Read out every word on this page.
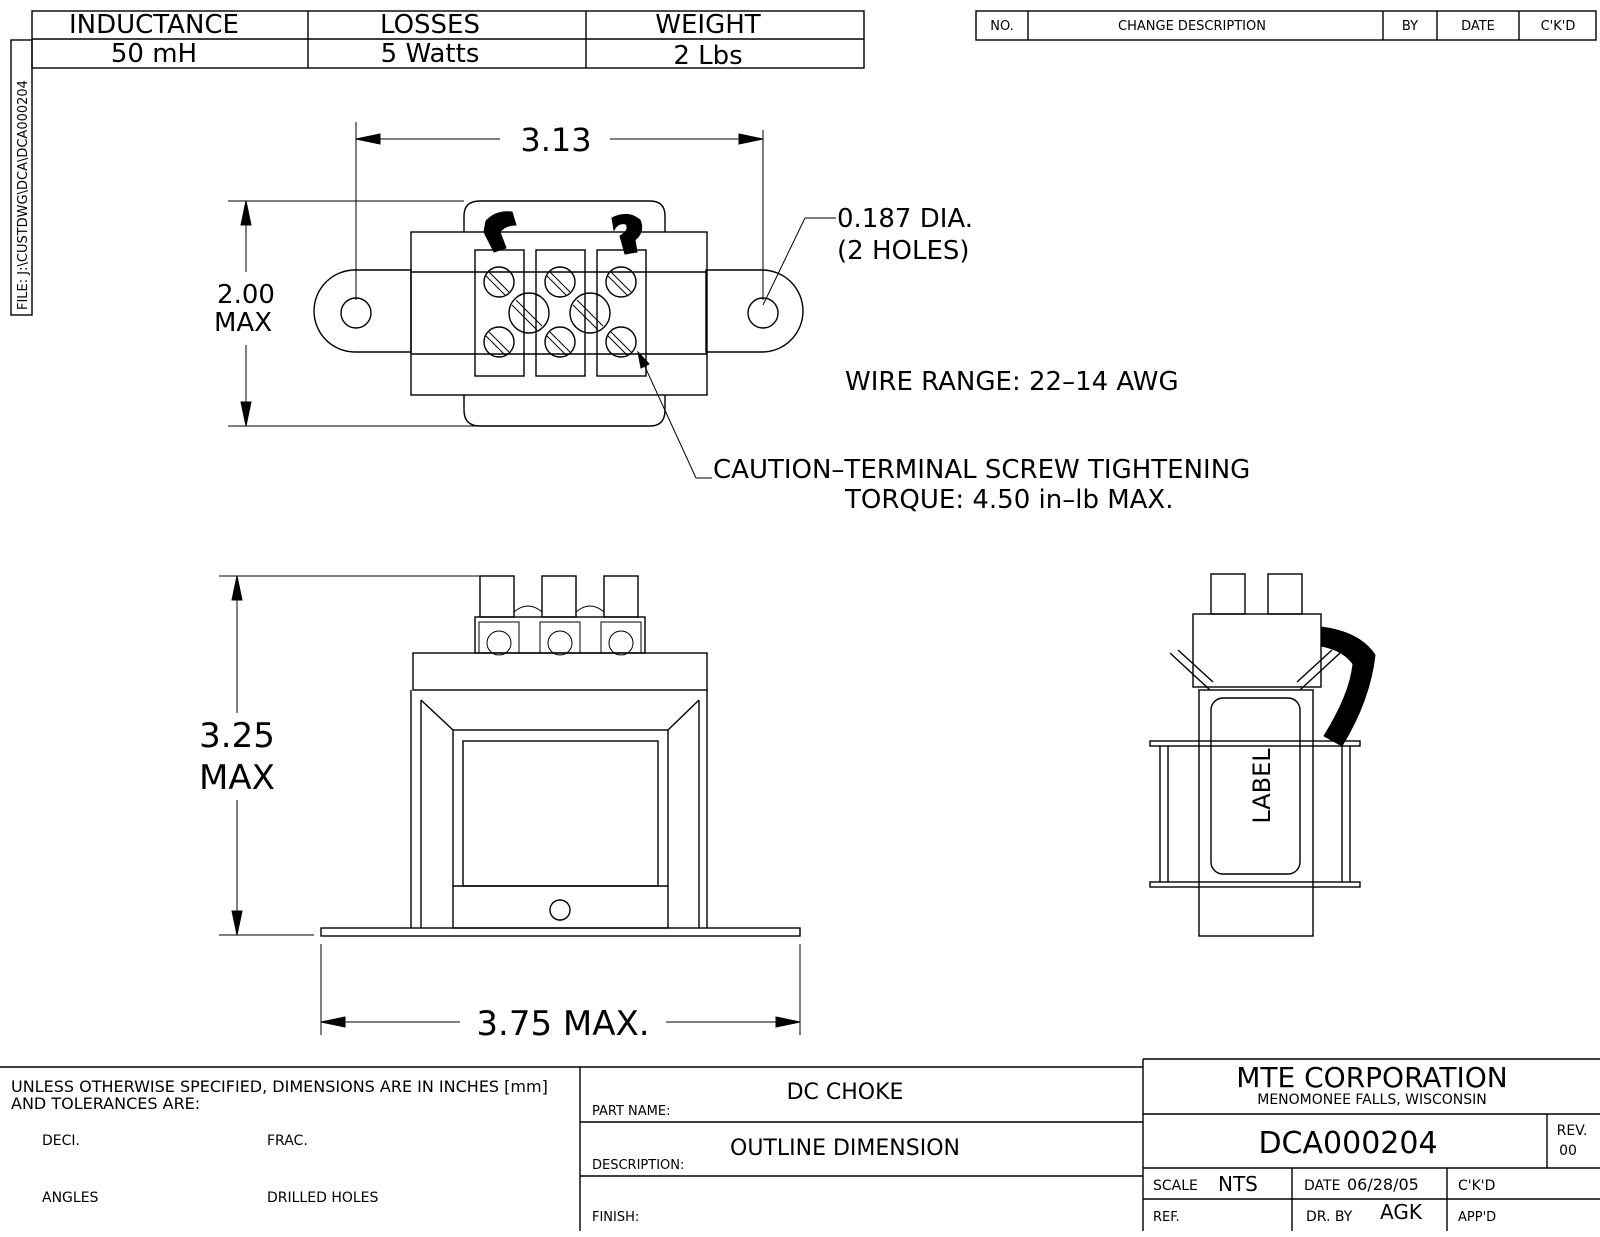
INDUCTANCE	LOSSES	WEIGHT
50 mH	5 Watts	2 Lbs
NO.	CHANGE DESCRIPTION	BY	DATE	C'K'D
FILE: J:\CUSTDWG\DCA\DCA000204	3.13
2.00
MAX
0.187 DIA.
(2 HOLES)
WIRE RANGE: 22–14 AWG
CAUTION–TERMINAL SCREW TIGHTENING
TORQUE: 4.50 in–lb MAX.
3.25
MAX
3.75 MAX.
LABEL
UNLESS OTHERWISE SPECIFIED, DIMENSIONS ARE IN INCHES [mm]
AND TOLERANCES ARE:
DECI.	FRAC.
ANGLES	DRILLED HOLES
PART NAME:
DC CHOKE
DESCRIPTION:
OUTLINE DIMENSION
FINISH:
MTE CORPORATION
MENOMONEE FALLS, WISCONSIN
DCA000204	REV.
00
SCALE NTS	DATE 06/28/05	C'K'D
REF.	DR. BY AGK	APP'D
